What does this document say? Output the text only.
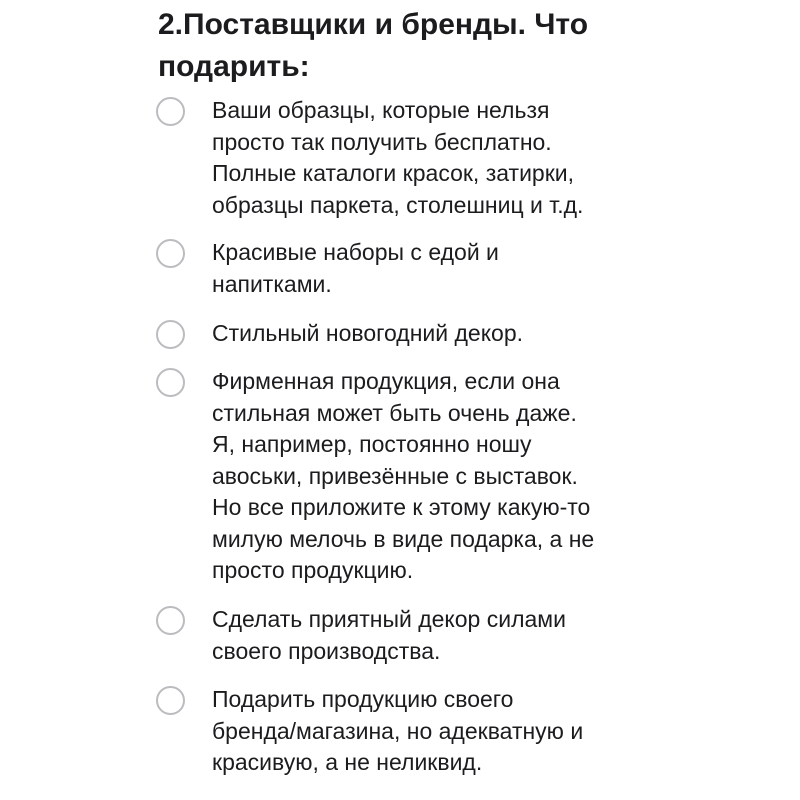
2.Поставщики и бренды. Что
подарить:
Ваши образцы, которые нельзя
просто так получить бесплатно.
Полные каталоги красок, затирки,
образцы паркета, столешниц и т.д.
Красивые наборы с едой и
напитками.
Стильный новогодний декор.
Фирменная продукция, если она
стильная может быть очень даже.
Я, например, постоянно ношу
авоськи, привезённые с выставок.
Но все приложите к этому какую-то
милую мелочь в виде подарка, а не
просто продукцию.
Сделать приятный декор силами
своего производства.
Подарить продукцию своего
бренда/магазина, но адекватную и
красивую, а не неликвид.
